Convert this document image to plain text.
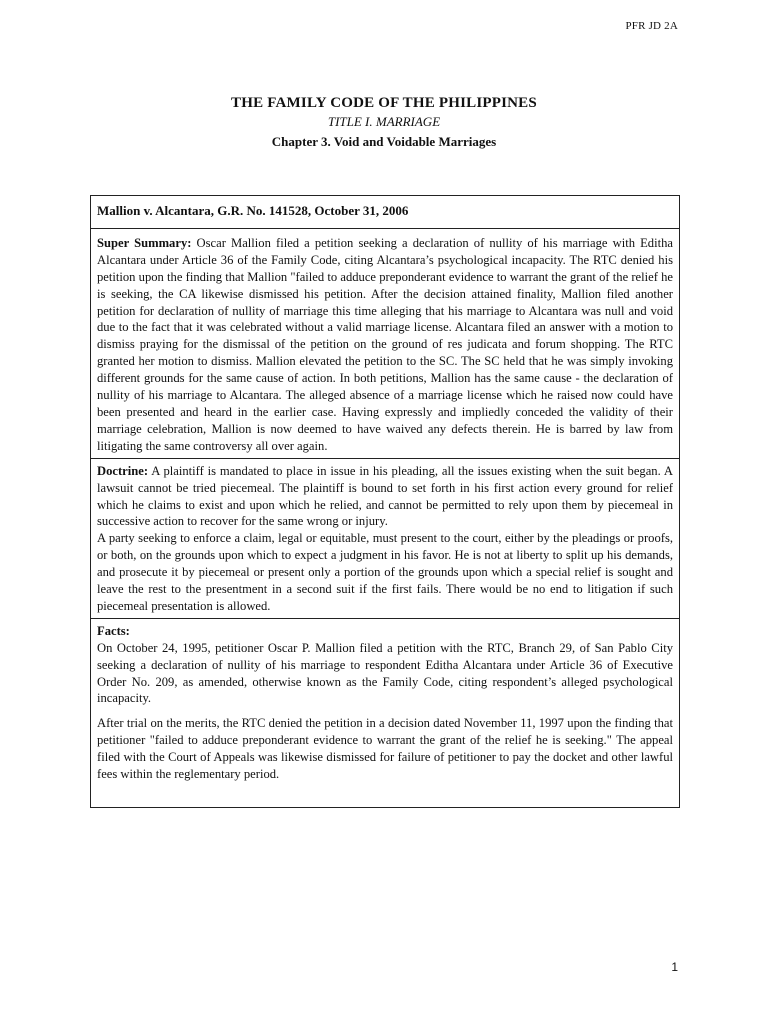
PFR JD 2A
THE FAMILY CODE OF THE PHILIPPINES
TITLE I. MARRIAGE
Chapter 3. Void and Voidable Marriages
Mallion v. Alcantara, G.R. No. 141528, October 31, 2006

Super Summary: Oscar Mallion filed a petition seeking a declaration of nullity of his marriage with Editha Alcantara under Article 36 of the Family Code, citing Alcantara’s psychological incapacity. The RTC denied his petition upon the finding that Mallion "failed to adduce preponderant evidence to warrant the grant of the relief he is seeking, the CA likewise dismissed his petition. After the decision attained finality, Mallion filed another petition for declaration of nullity of marriage this time alleging that his marriage to Alcantara was null and void due to the fact that it was celebrated without a valid marriage license. Alcantara filed an answer with a motion to dismiss praying for the dismissal of the petition on the ground of res judicata and forum shopping. The RTC granted her motion to dismiss. Mallion elevated the petition to the SC. The SC held that he was simply invoking different grounds for the same cause of action. In both petitions, Mallion has the same cause - the declaration of nullity of his marriage to Alcantara. The alleged absence of a marriage license which he raised now could have been presented and heard in the earlier case. Having expressly and impliedly conceded the validity of their marriage celebration, Mallion is now deemed to have waived any defects therein. He is barred by law from litigating the same controversy all over again.

Doctrine: A plaintiff is mandated to place in issue in his pleading, all the issues existing when the suit began. A lawsuit cannot be tried piecemeal. The plaintiff is bound to set forth in his first action every ground for relief which he claims to exist and upon which he relied, and cannot be permitted to rely upon them by piecemeal in successive action to recover for the same wrong or injury.

A party seeking to enforce a claim, legal or equitable, must present to the court, either by the pleadings or proofs, or both, on the grounds upon which to expect a judgment in his favor. He is not at liberty to split up his demands, and prosecute it by piecemeal or present only a portion of the grounds upon which a special relief is sought and leave the rest to the presentment in a second suit if the first fails. There would be no end to litigation if such piecemeal presentation is allowed.

Facts:

On October 24, 1995, petitioner Oscar P. Mallion filed a petition with the RTC, Branch 29, of San Pablo City seeking a declaration of nullity of his marriage to respondent Editha Alcantara under Article 36 of Executive Order No. 209, as amended, otherwise known as the Family Code, citing respondent’s alleged psychological incapacity.

After trial on the merits, the RTC denied the petition in a decision dated November 11, 1997 upon the finding that petitioner "failed to adduce preponderant evidence to warrant the grant of the relief he is seeking." The appeal filed with the Court of Appeals was likewise dismissed for failure of petitioner to pay the docket and other lawful fees within the reglementary period.

1
